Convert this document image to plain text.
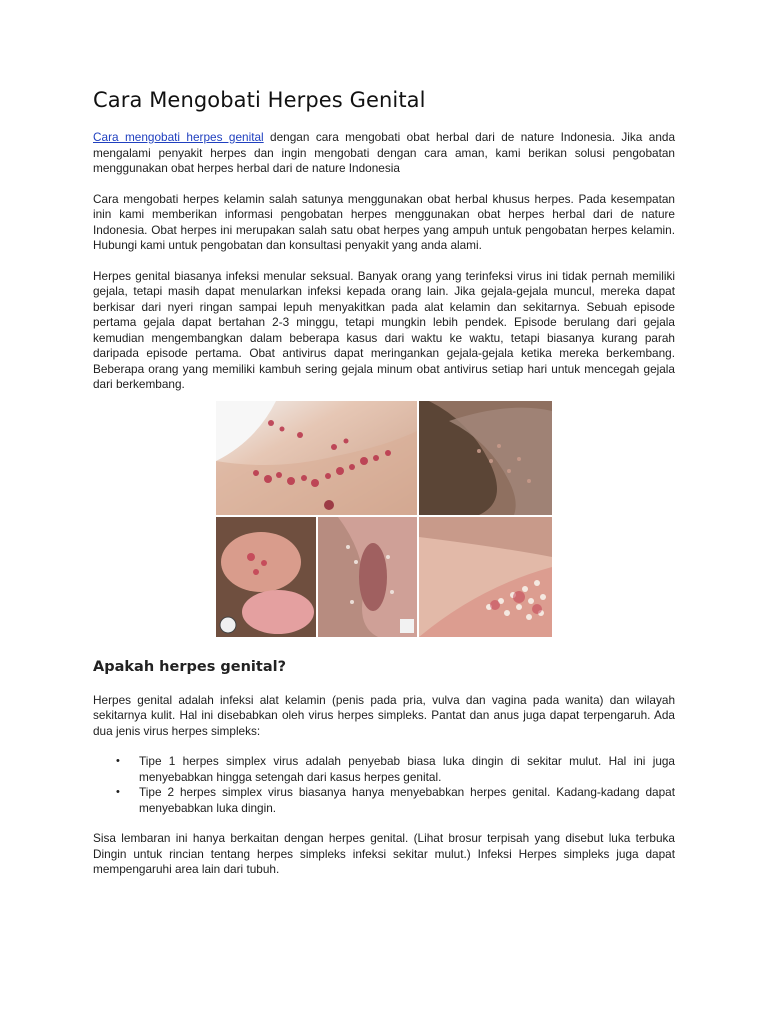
Cara Mengobati Herpes Genital

Cara mengobati herpes genital dengan cara mengobati obat herbal dari de nature Indonesia. Jika anda mengalami penyakit herpes dan ingin mengobati dengan cara aman, kami berikan solusi pengobatan menggunakan obat herpes herbal dari de nature Indonesia

Cara mengobati herpes kelamin salah satunya menggunakan obat herbal khusus herpes. Pada kesempatan inin kami memberikan informasi pengobatan herpes menggunakan obat herpes herbal dari de nature Indonesia. Obat herpes ini merupakan salah satu obat herpes yang ampuh untuk pengobatan herpes kelamin. Hubungi kami untuk pengobatan dan konsultasi penyakit yang anda alami.

Herpes genital biasanya infeksi menular seksual. Banyak orang yang terinfeksi virus ini tidak pernah memiliki gejala, tetapi masih dapat menularkan infeksi kepada orang lain. Jika gejala-gejala muncul, mereka dapat berkisar dari nyeri ringan sampai lepuh menyakitkan pada alat kelamin dan sekitarnya. Sebuah episode pertama gejala dapat bertahan 2-3 minggu, tetapi mungkin lebih pendek. Episode berulang dari gejala kemudian mengembangkan dalam beberapa kasus dari waktu ke waktu, tetapi biasanya kurang parah daripada episode pertama. Obat antivirus dapat meringankan gejala-gejala ketika mereka berkembang. Beberapa orang yang memiliki kambuh sering gejala minum obat antivirus setiap hari untuk mencegah gejala dari berkembang.

Apakah herpes genital?

Herpes genital adalah infeksi alat kelamin (penis pada pria, vulva dan vagina pada wanita) dan wilayah sekitarnya kulit. Hal ini disebabkan oleh virus herpes simpleks. Pantat dan anus juga dapat terpengaruh. Ada dua jenis virus herpes simpleks:

• Tipe 1 herpes simplex virus adalah penyebab biasa luka dingin di sekitar mulut. Hal ini juga menyebabkan hingga setengah dari kasus herpes genital.
• Tipe 2 herpes simplex virus biasanya hanya menyebabkan herpes genital. Kadang-kadang dapat menyebabkan luka dingin.

Sisa lembaran ini hanya berkaitan dengan herpes genital. (Lihat brosur terpisah yang disebut luka terbuka Dingin untuk rincian tentang herpes simpleks infeksi sekitar mulut.) Infeksi Herpes simpleks juga dapat mempengaruhi area lain dari tubuh.
